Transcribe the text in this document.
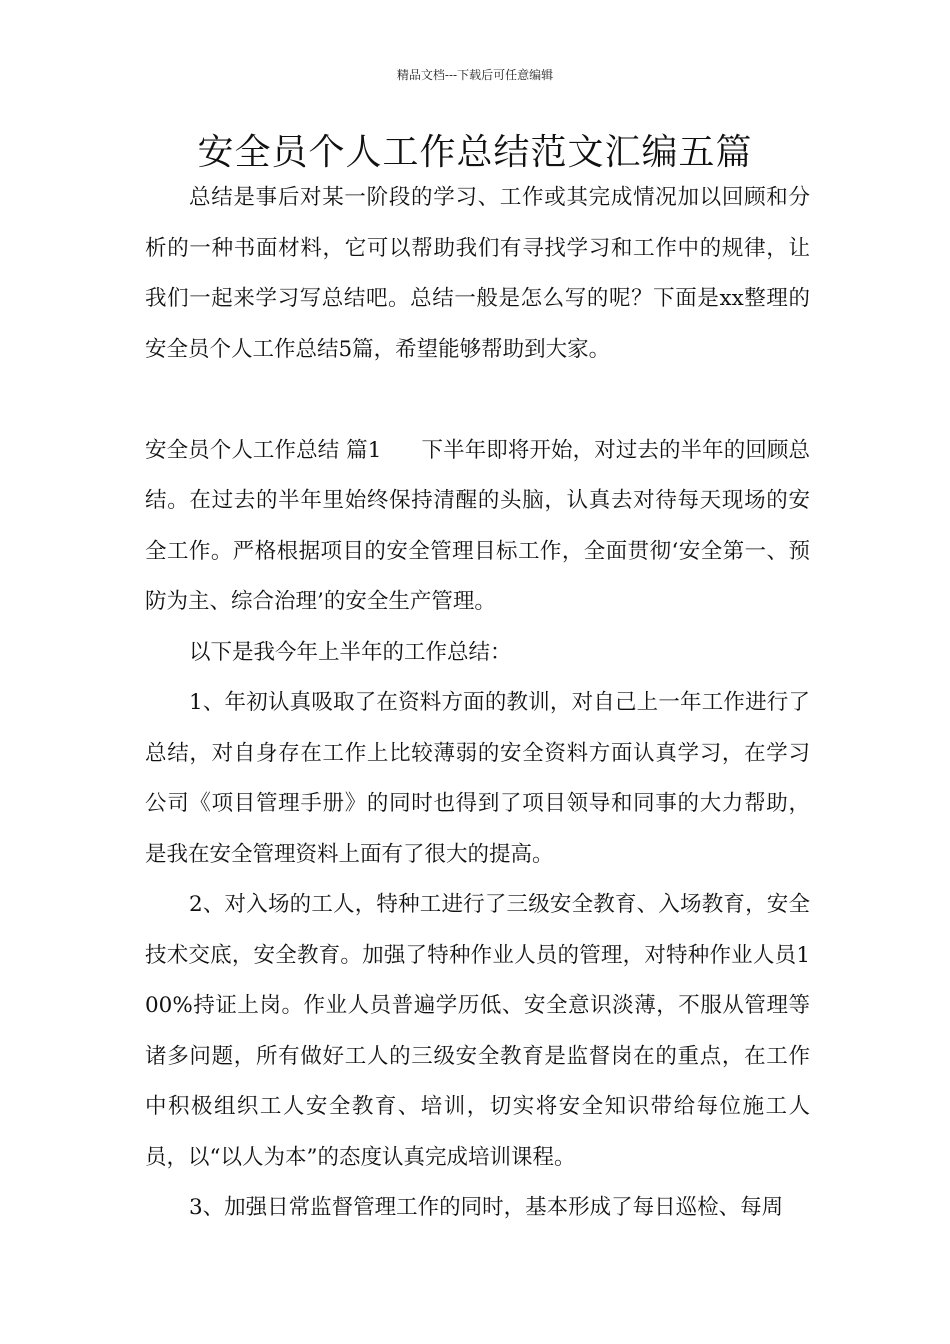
精品文档---下载后可任意编辑
安全员个人工作总结范文汇编五篇

总结是事后对某一阶段的学习、工作或其完成情况加以回顾和分析的一种书面材料，它可以帮助我们有寻找学习和工作中的规律，让我们一起来学习写总结吧。总结一般是怎么写的呢？下面是xx整理的安全员个人工作总结5篇，希望能够帮助到大家。

安全员个人工作总结 篇1 下半年即将开始，对过去的半年的回顾总结。在过去的半年里始终保持清醒的头脑，认真去对待每天现场的安全工作。严格根据项目的安全管理目标工作，全面贯彻‘安全第一、预防为主、综合治理’的安全生产管理。

以下是我今年上半年的工作总结：

1、年初认真吸取了在资料方面的教训，对自己上一年工作进行了总结，对自身存在工作上比较薄弱的安全资料方面认真学习，在学习公司《项目管理手册》的同时也得到了项目领导和同事的大力帮助，是我在安全管理资料上面有了很大的提高。

2、对入场的工人，特种工进行了三级安全教育、入场教育，安全技术交底，安全教育。加强了特种作业人员的管理，对特种作业人员100%持证上岗。作业人员普遍学历低、安全意识淡薄，不服从管理等诸多问题，所有做好工人的三级安全教育是监督岗在的重点，在工作中积极组织工人安全教育、培训，切实将安全知识带给每位施工人员，以“以人为本”的态度认真完成培训课程。

3、加强日常监督管理工作的同时，基本形成了每日巡检、每周
